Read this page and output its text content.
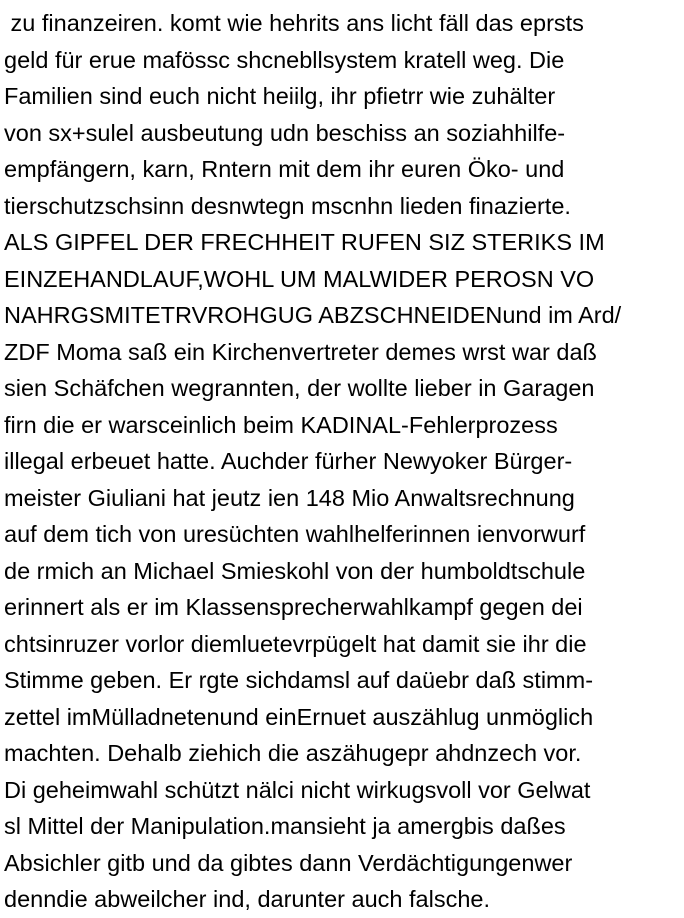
zu finanzeiren. komt wie hehrits ans licht fäll das eprsts
geld für erue mafössc shcnebllsystem kratell weg. Die
Familien sind euch nicht heiilg, ihr pfietrr wie zuhälter
von sx+sulel ausbeutung udn beschiss an soziahhilfe-
empfängern, karn, Rntern mit dem ihr euren Öko- und
tierschutzschsinn desnwtegn mscnhn lieden finazierte.
ALS GIPFEL DER FRECHHEIT RUFEN SIZ STERIKS IM
EINZEHANDLAUF,WOHL UM MALWIDER PEROSN VO
NAHRGSMITETRVROHGUG ABZSCHNEIDENund im Ard/
ZDF Moma saß ein Kirchenvertreter demes wrst war daß
sien Schäfchen wegrannten, der wollte lieber in Garagen
firn die er warsceinlich beim KADINAL-Fehlerprozess
illegal erbeuet hatte. Auchder fürher Newyoker Bürger-
meister Giuliani hat jeutz ien 148 Mio Anwaltsrechnung
auf dem tich von uresüchten wahlhelferinnen ienvorwurf
de rmich an Michael Smieskohl von der humboldtschule
erinnert als er im Klassensprecherwahlkampf gegen dei
chtsinruzer vorlor diemluetevrpügelt hat damit sie ihr die
Stimme geben. Er rgte sichdamsl auf daüebr daß stimm-
zettel imMülladnetenund einErnuet auszählug unmöglich
machten. Dehalb ziehich die aszähugepr ahdnzech vor.
Di geheimwahl schützt nälci nicht wirkugsvoll vor Gelwat
sl Mittel der Manipulation.mansieht ja amergbis daßes
Absichler gitb und da gibtes dann Verdächtigungenwer
denndie abweilcher ind, darunter auch falsche.
